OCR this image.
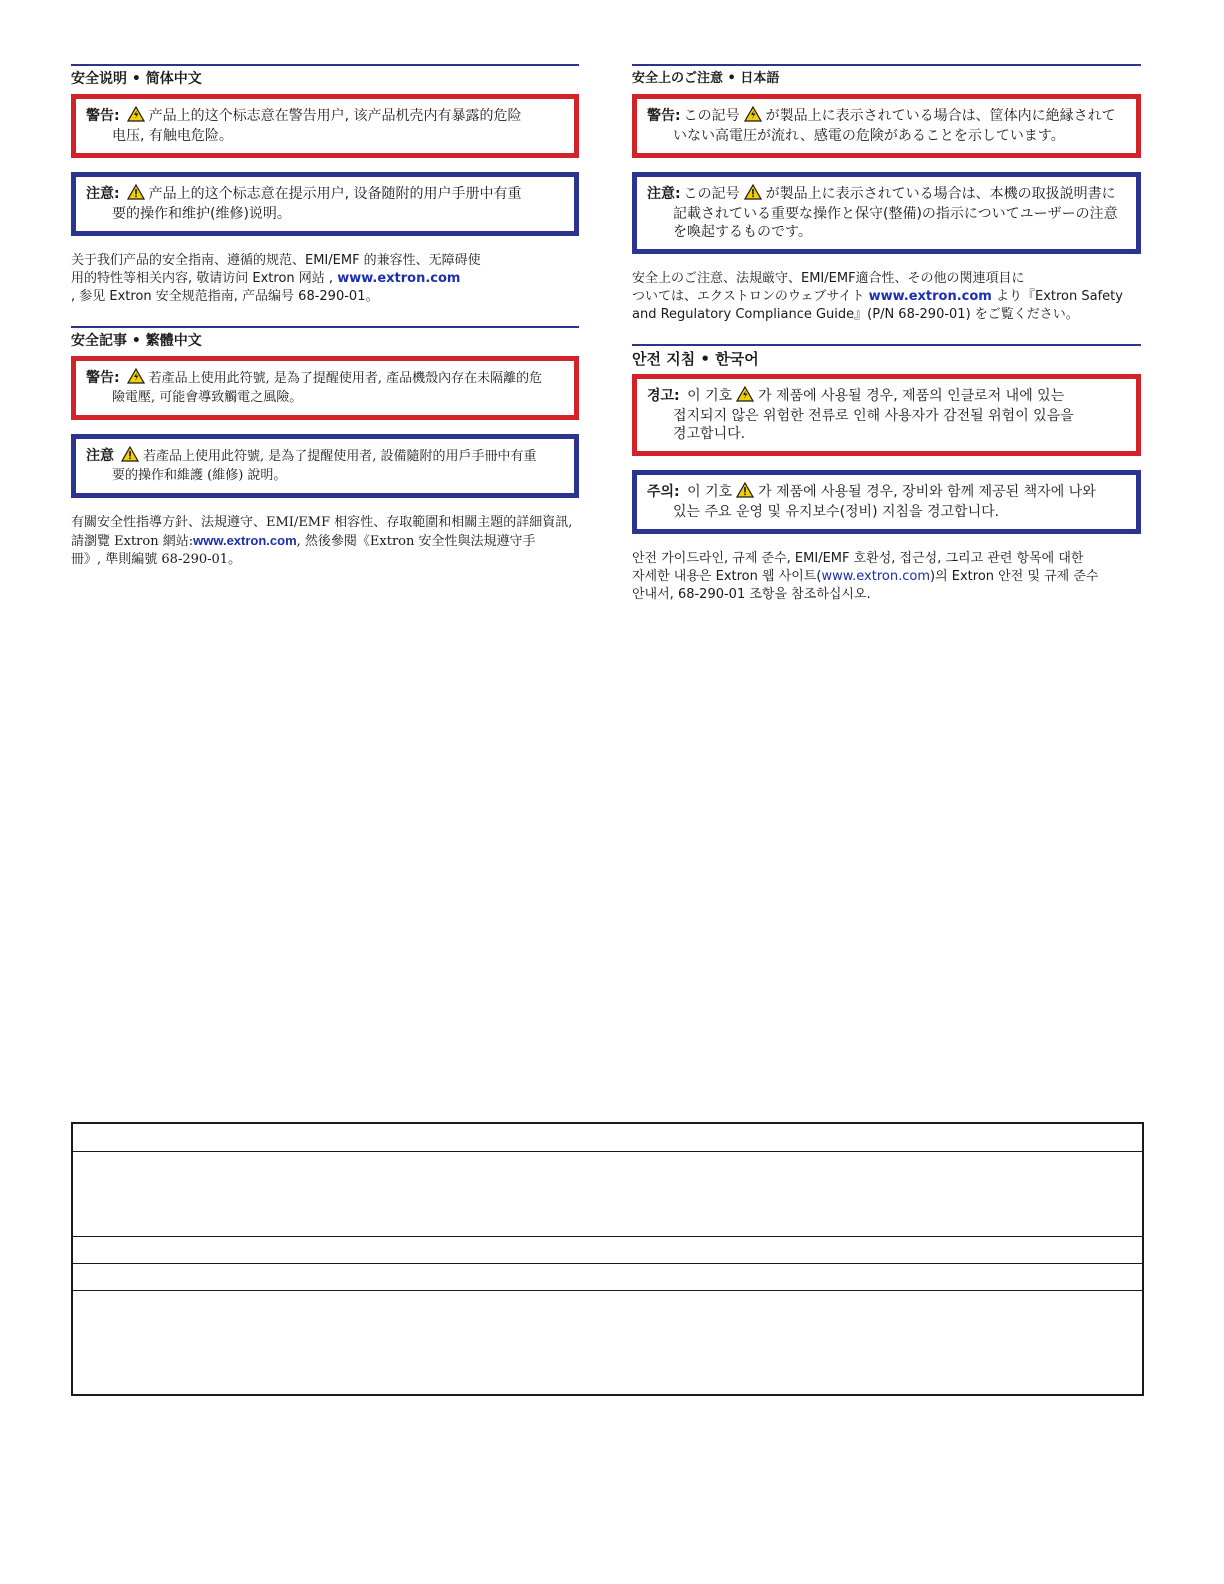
安全说明 • 简体中文
警告: 产品上的这个标志意在警告用户, 该产品机壳内有暴露的危险
电压, 有触电危险。
注意: 产品上的这个标志意在提示用户, 设备随附的用户手册中有重
要的操作和维护(维修)说明。
关于我们产品的安全指南、遵循的规范、EMI/EMF 的兼容性、无障碍使
用的特性等相关内容, 敬请访问 Extron 网站 , www.extron.com
, 参见 Extron 安全规范指南, 产品编号 68-290-01。
安全記事 • 繁體中文
警告: 若產品上使用此符號, 是為了提醒使用者, 產品機殼內存在未隔離的危
險電壓, 可能會導致觸電之風險。
注意 若產品上使用此符號, 是為了提醒使用者, 設備隨附的用戶手冊中有重
要的操作和維護 (維修) 說明。
有關安全性指導方針、法規遵守、EMI/EMF 相容性、存取範圍和相關主題的詳細資訊,
請瀏覽 Extron 網站:www.extron.com, 然後參閱《Extron 安全性與法規遵守手
冊》, 準則編號 68-290-01。
安全上のご注意 • 日本語
警告: この記号 が製品上に表示されている場合は、筐体内に絶縁されて
いない高電圧が流れ、感電の危険があることを示しています。
注意: この記号 が製品上に表示されている場合は、本機の取扱説明書に
記載されている重要な操作と保守(整備)の指示についてユーザーの注意
を喚起するものです。
安全上のご注意、法規厳守、EMI/EMF適合性、その他の関連項目に
ついては、エクストロンのウェブサイト www.extron.com より『Extron Safety
and Regulatory Compliance Guide』(P/N 68-290-01) をご覧ください。
안전 지침 • 한국어
경고: 이 기호 가 제품에 사용될 경우, 제품의 인클로저 내에 있는
접지되지 않은 위험한 전류로 인해 사용자가 감전될 위험이 있음을
경고합니다.
주의: 이 기호 가 제품에 사용될 경우, 장비와 함께 제공된 책자에 나와
있는 주요 운영 및 유지보수(정비) 지침을 경고합니다.
안전 가이드라인, 규제 준수, EMI/EMF 호환성, 접근성, 그리고 관련 항목에 대한
자세한 내용은 Extron 웹 사이트(www.extron.com)의 Extron 안전 및 규제 준수
안내서, 68-290-01 조항을 참조하십시오.
